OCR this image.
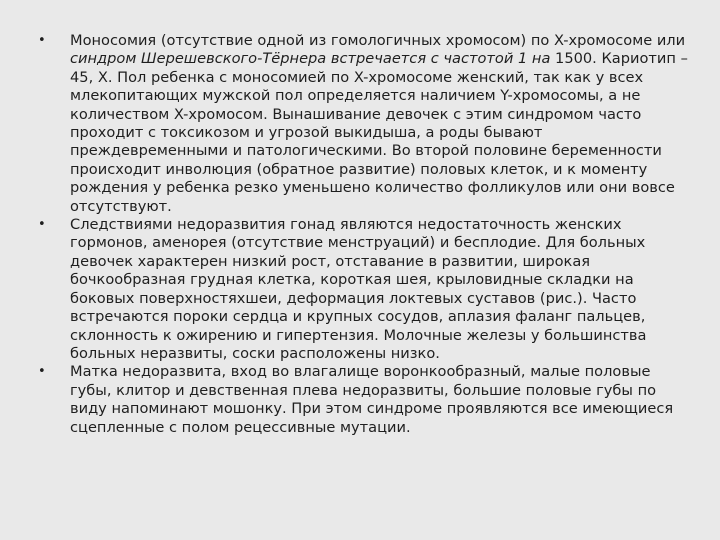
• Моносомия (отсутствие одной из гомологичных хромосом) по X-хромосоме или синдром Шерешевского-Тёрнера встречается с частотой 1 на 1500. Кариотип – 45, X. Пол ребенка с моносомией по X-хромосоме женский, так как у всех млекопитающих мужской пол определяется наличием Y-хромосомы, а не количеством X-хромосом. Вынашивание девочек с этим синдромом часто проходит с токсикозом и угрозой выкидыша, а роды бывают преждевременными и патологическими. Во второй половине беременности происходит инволюция (обратное развитие) половых клеток, и к моменту рождения у ребенка резко уменьшено количество фолликулов или они вовсе отсутствуют.
• Следствиями недоразвития гонад являются недостаточность женских гормонов, аменорея (отсутствие менструаций) и бесплодие. Для больных девочек характерен низкий рост, отставание в развитии, широкая бочкообразная грудная клетка, короткая шея, крыловидные складки на боковых поверхностяхшеи, деформация локтевых суставов (рис.). Часто встречаются пороки сердца и крупных сосудов, аплазия фаланг пальцев, склонность к ожирению и гипертензия. Молочные железы у большинства больных неразвиты, соски расположены низко.
• Матка недоразвита, вход во влагалище воронкообразный, малые половые губы, клитор и девственная плева недоразвиты, большие половые губы по виду напоминают мошонку. При этом синдроме проявляются все имеющиеся сцепленные с полом рецессивные мутации.
